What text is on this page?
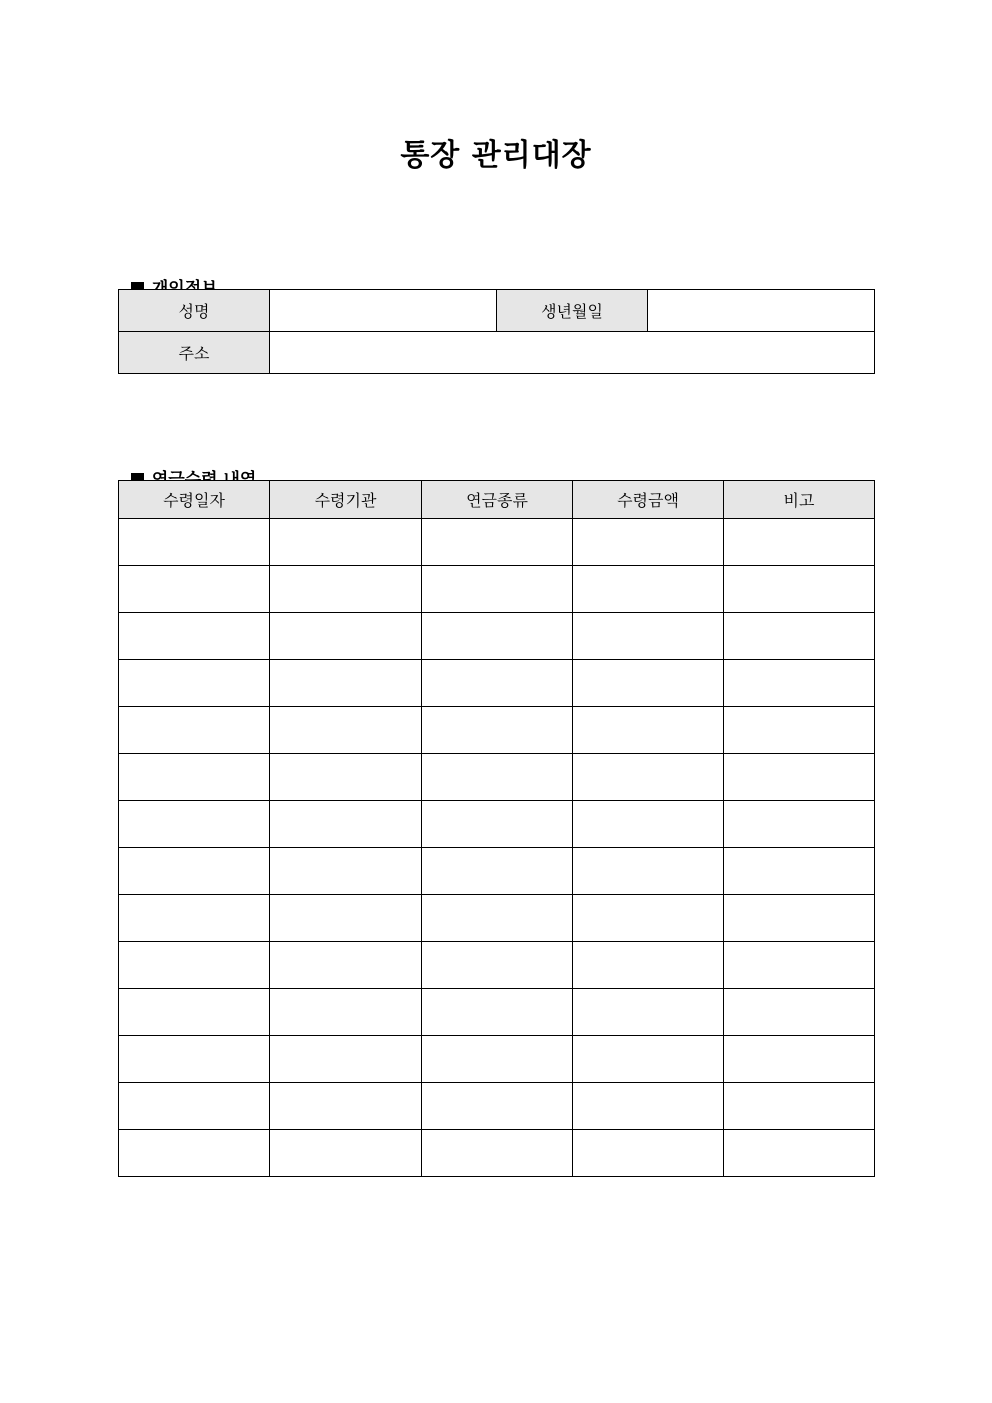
통장 관리대장

성명		생년월일	
주소			

수령일자	수령기관	연금종류	수령금액	비고
